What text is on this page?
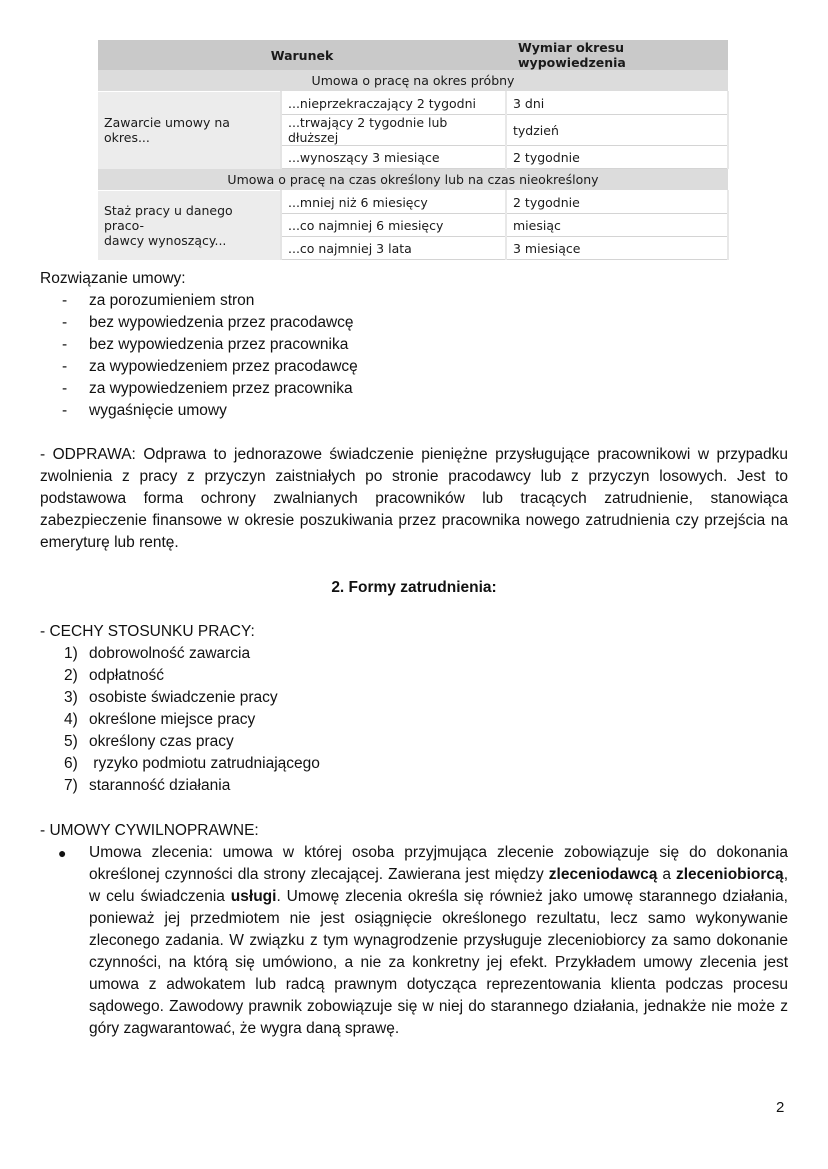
Warunek		Wymiar okresu wypowiedzenia
Umowa o pracę na okres próbny		
Zawarcie umowy na okres...	...nieprzekraczający 2 tygodni	3 dni
	...trwający 2 tygodnie lub dłuższej	tydzień
	...wynoszący 3 miesiące	2 tygodnie
Umowa o pracę na czas określony lub na czas nieokreślony		
Staż pracy u danego praco-
dawcy wynoszący...	...mniej niż 6 miesięcy	2 tygodnie
	...co najmniej 6 miesięcy	miesiąc
	...co najmniej 3 lata	3 miesiące
Rozwiązanie umowy:
- za porozumieniem stron
- bez wypowiedzenia przez pracodawcę
- bez wypowiedzenia przez pracownika
- za wypowiedzeniem przez pracodawcę
- za wypowiedzeniem przez pracownika
- wygaśnięcie umowy

- ODPRAWA: Odprawa to jednorazowe świadczenie pieniężne przysługujące pracownikowi w przypadku zwolnienia z pracy z przyczyn zaistniałych po stronie pracodawcy lub z przyczyn losowych. Jest to podstawowa forma ochrony zwalnianych pracowników lub tracących zatrudnienie, stanowiąca zabezpieczenie finansowe w okresie poszukiwania przez pracownika nowego zatrudnienia czy przejścia na emeryturę lub rentę.

2. Formy zatrudnienia:
- CECHY STOSUNKU PRACY:
1) dobrowolność zawarcia
2) odpłatność
3) osobiste świadczenie pracy
4) określone miejsce pracy
5) określony czas pracy
6) ryzyko podmiotu zatrudniającego
7) staranność działania
- UMOWY CYWILNOPRAWNE:
● Umowa zlecenia: umowa w której osoba przyjmująca zlecenie zobowiązuje się do dokonania określonej czynności dla strony zlecającej. Zawierana jest między zleceniodawcą a zleceniobiorcą, w celu świadczenia usługi. Umowę zlecenia określa się również jako umowę starannego działania, ponieważ jej przedmiotem nie jest osiągnięcie określonego rezultatu, lecz samo wykonywanie zleconego zadania. W związku z tym wynagrodzenie przysługuje zleceniobiorcy za samo dokonanie czynności, na którą się umówiono, a nie za konkretny jej efekt. Przykładem umowy zlecenia jest umowa z adwokatem lub radcą prawnym dotycząca reprezentowania klienta podczas procesu sądowego. Zawodowy prawnik zobowiązuje się w niej do starannego działania, jednakże nie może z góry zagwarantować, że wygra daną sprawę.
2
